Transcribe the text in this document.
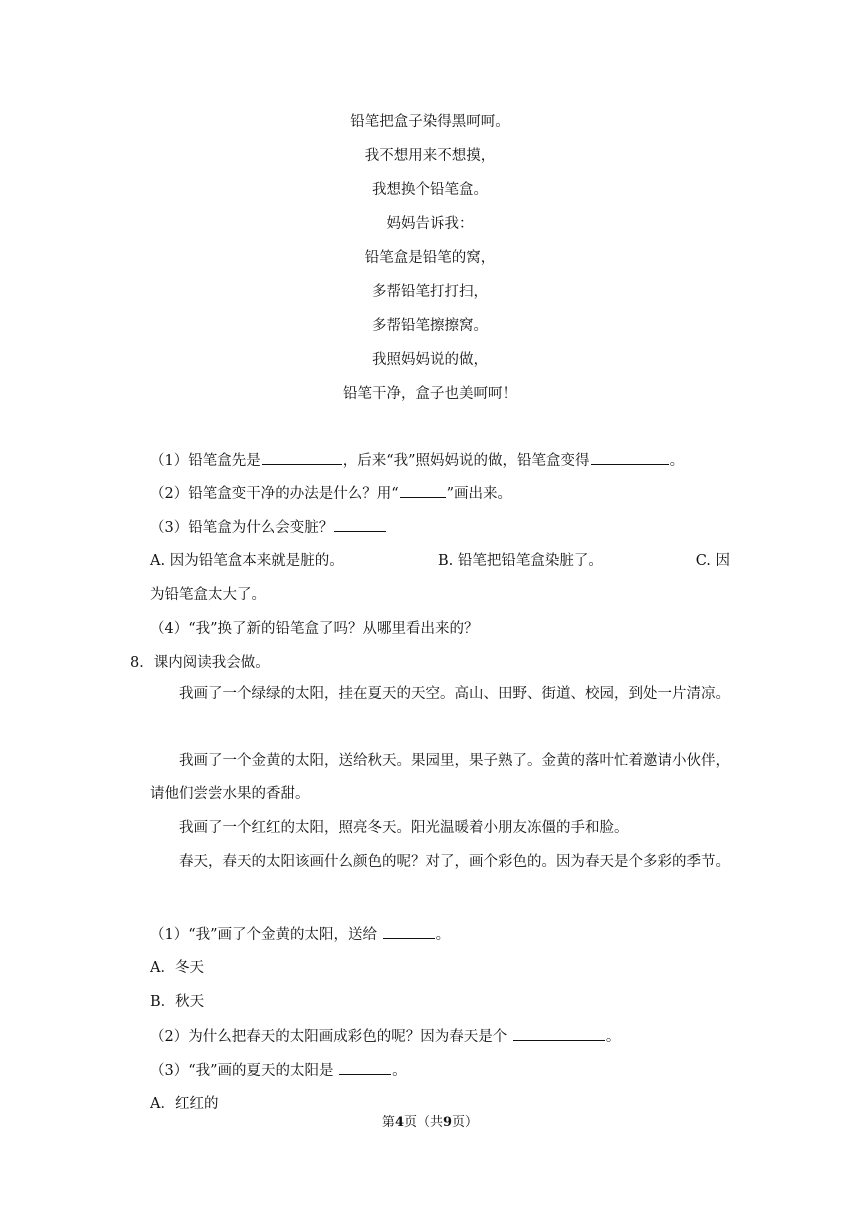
铅笔把盒子染得黑呵呵。
我不想用来不想摸，
我想换个铅笔盒。
妈妈告诉我：
铅笔盒是铅笔的窝，
多帮铅笔打打扫，
多帮铅笔擦擦窝。
我照妈妈说的做，
铅笔干净，盒子也美呵呵！
（1）铅笔盒先是	，后来“我”照妈妈说的做，铅笔盒变得	。
（2）铅笔盒变干净的办法是什么？用“	”画出来。
（3）铅笔盒为什么会变脏？
A. 因为铅笔盒本来就是脏的。	B. 铅笔把铅笔盒染脏了。	C. 因
为铅笔盒太大了。
（4）“我”换了新的铅笔盒了吗？从哪里看出来的？
8．课内阅读我会做。
我画了一个绿绿的太阳，挂在夏天的天空。高山、田野、街道、校园，到处一片清凉。
我画了一个金黄的太阳，送给秋天。果园里，果子熟了。金黄的落叶忙着邀请小伙伴，请他们尝尝水果的香甜。
我画了一个红红的太阳，照亮冬天。阳光温暖着小朋友冻僵的手和脸。
春天，春天的太阳该画什么颜色的呢？对了，画个彩色的。因为春天是个多彩的季节。
（1）“我”画了个金黄的太阳，送给	。
A．冬天
B．秋天
（2）为什么把春天的太阳画成彩色的呢？因为春天是个	。
（3）“我”画的夏天的太阳是	。
A．红红的
第4页（共9页）
